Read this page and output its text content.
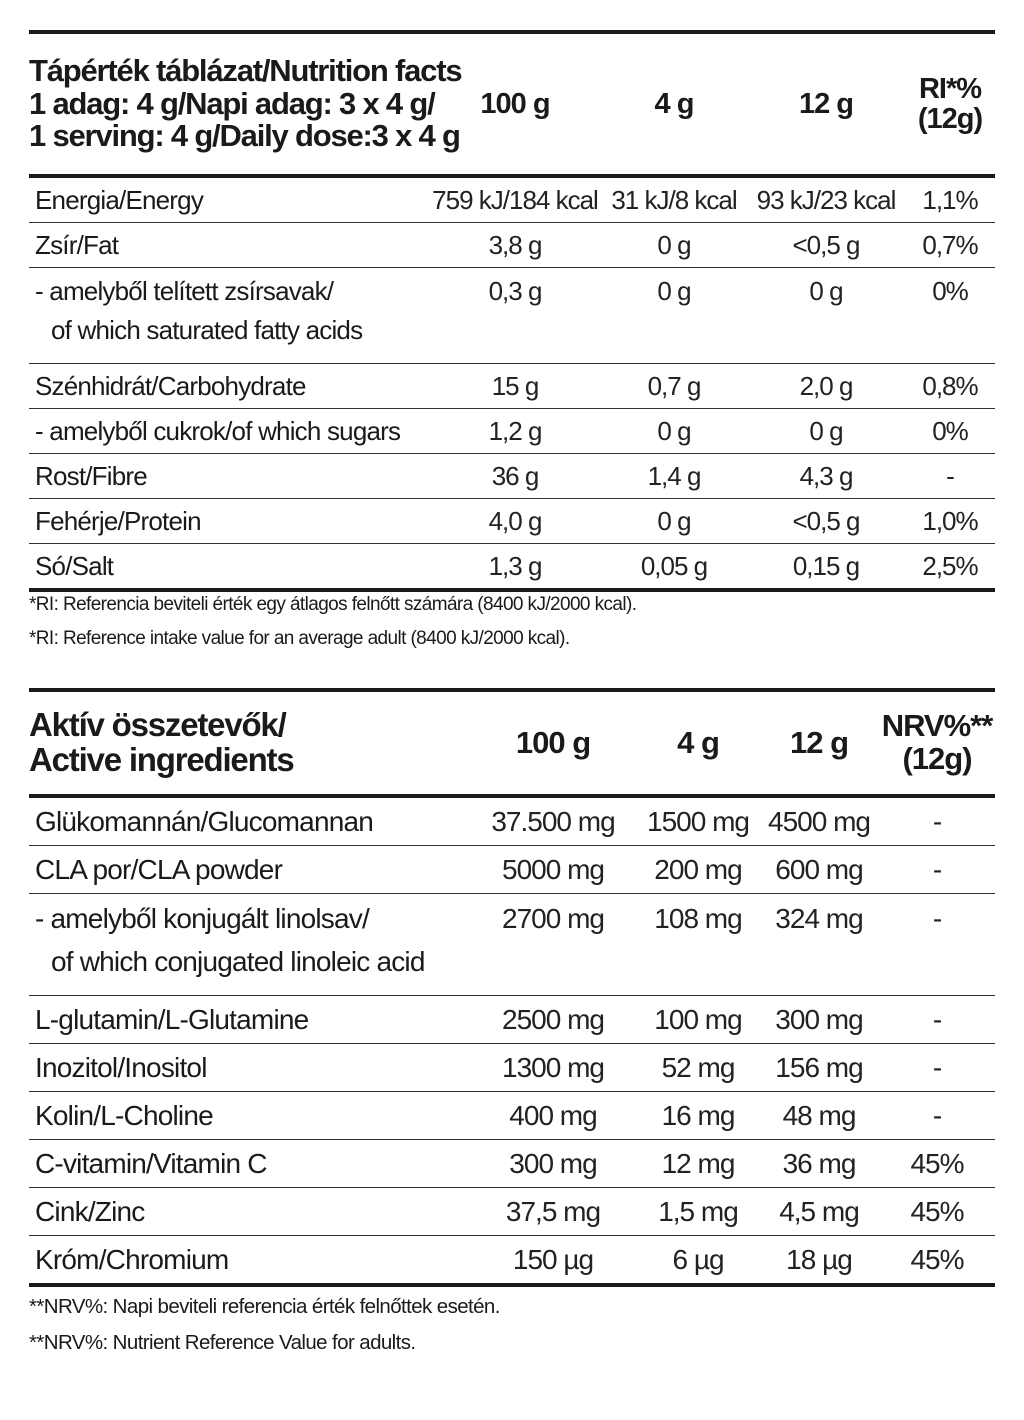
Tápérték táblázat/Nutrition facts
1 adag: 4 g/Napi adag: 3 x 4 g/
1 serving: 4 g/Daily dose:3 x 4 g	100 g	4 g	12 g	RI*%
(12g)

Energia/Energy	759 kJ/184 kcal	31 kJ/8 kcal	93 kJ/23 kcal	1,1%
Zsír/Fat	3,8 g	0 g	<0,5 g	0,7%

- amelyből telített zsírsavak/
of which saturated fatty acids	0,3 g	0 g	0 g	0%

Szénhidrát/Carbohydrate	15 g	0,7 g	2,0 g	0,8%
- amelyből cukrok/of which sugars	1,2 g	0 g	0 g	0%
Rost/Fibre	36 g	1,4 g	4,3 g	-
Fehérje/Protein	4,0 g	0 g	<0,5 g	1,0%
Só/Salt	1,3 g	0,05 g	0,15 g	2,5%
*RI: Referencia beviteli érték egy átlagos felnőtt számára (8400 kJ/2000 kcal).
*RI: Reference intake value for an average adult (8400 kJ/2000 kcal).
Aktív összetevők/
Active ingredients	100 g	4 g	12 g	NRV%**
(12g)

Glükomannán/Glucomannan	37.500 mg	1500 mg	4500 mg	-
CLA por/CLA powder	5000 mg	200 mg	600 mg	-

- amelyből konjugált linolsav/
of which conjugated linoleic acid	2700 mg	108 mg	324 mg	-

L-glutamin/L-Glutamine	2500 mg	100 mg	300 mg	-
Inozitol/Inositol	1300 mg	52 mg	156 mg	-
Kolin/L-Choline	400 mg	16 mg	48 mg	-
C-vitamin/Vitamin C	300 mg	12 mg	36 mg	45%
Cink/Zinc	37,5 mg	1,5 mg	4,5 mg	45%
Króm/Chromium	150 µg	6 µg	18 µg	45%
**NRV%: Napi beviteli referencia érték felnőttek esetén.
**NRV%: Nutrient Reference Value for adults.
